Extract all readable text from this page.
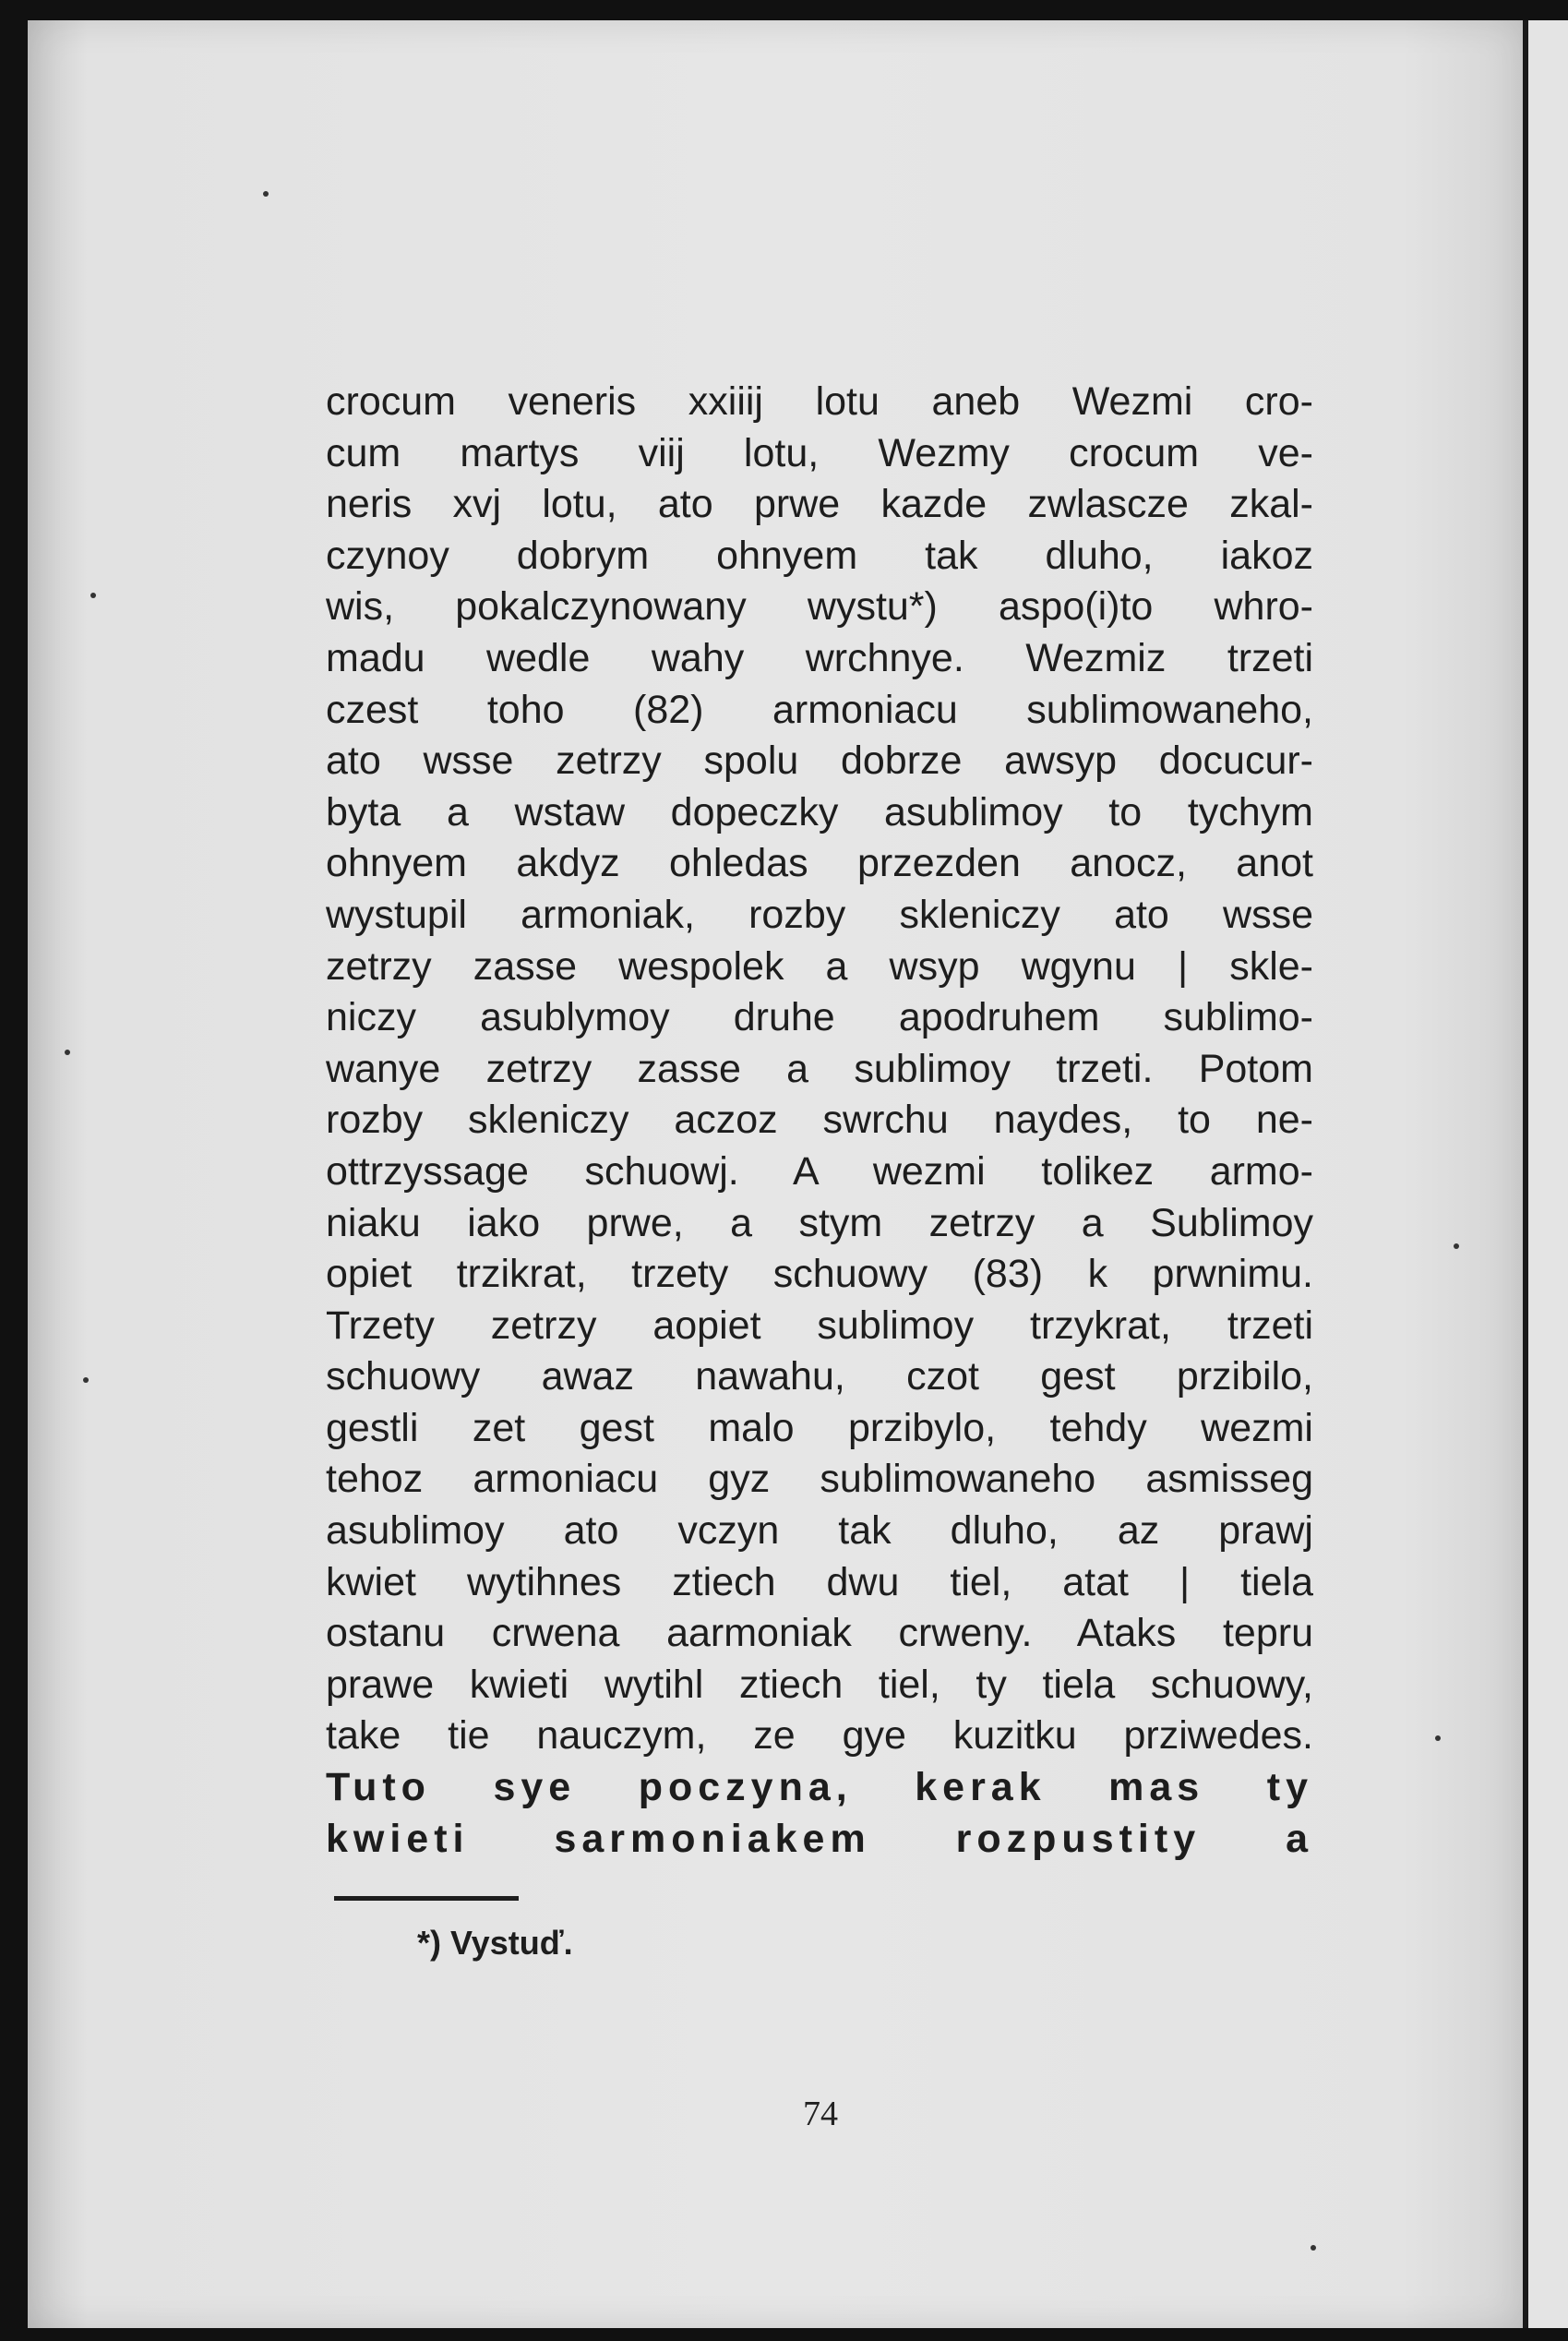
crocum veneris xxiiij lotu aneb Wezmi cro-
cum martys viij lotu, Wezmy crocum ve-
neris xvj lotu, ato prwe kazde zwlascze zkal-
czynoy dobrym ohnyem tak dluho, iakoz
wis, pokalczynowany wystu*) aspo(i)to whro-
madu wedle wahy wrchnye. Wezmiz trzeti
czest toho (82) armoniacu sublimowaneho,
ato wsse zetrzy spolu dobrze awsyp docucur-
byta a wstaw dopeczky asublimoy to tychym
ohnyem akdyz ohledas przezden anocz, anot
wystupil armoniak, rozby skleniczy ato wsse
zetrzy zasse wespolek a wsyp wgynu | skle-
niczy asublymoy druhe apodruhem sublimo-
wanye zetrzy zasse a sublimoy trzeti. Potom
rozby skleniczy aczoz swrchu naydes, to ne-
ottrzyssage schuowj. A wezmi tolikez armo-
niaku iako prwe, a stym zetrzy a Sublimoy
opiet trzikrat, trzety schuowy (83) k prwnimu.
Trzety zetrzy aopiet sublimoy trzykrat, trzeti
schuowy awaz nawahu, czot gest przibilo,
gestli zet gest malo przibylo, tehdy wezmi
tehoz armoniacu gyz sublimowaneho asmisseg
asublimoy ato vczyn tak dluho, az prawj
kwiet wytihnes ztiech dwu tiel, atat | tiela
ostanu crwena aarmoniak crweny. Ataks tepru
prawe kwieti wytihl ztiech tiel, ty tiela schuowy,
take tie nauczym, ze gye kuzitku prziwedes.
Tuto sye poczyna, kerak mas ty
kwieti sarmoniakem rozpustity a
*) Vystuď.
74
